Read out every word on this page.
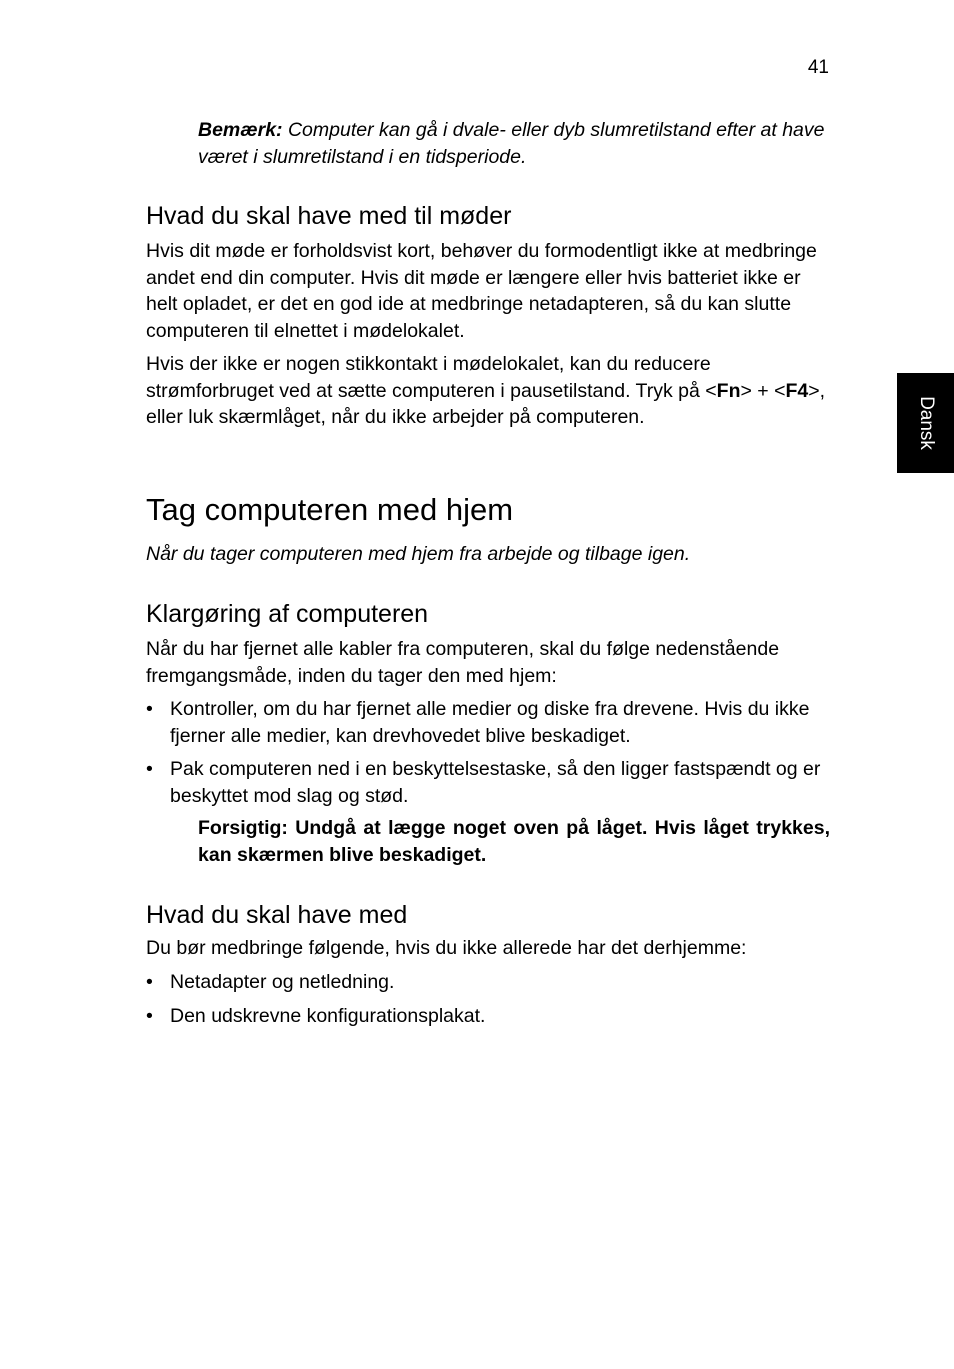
41
Dansk
Bemærk: Computer kan gå i dvale- eller dyb slumretilstand efter at have været i slumretilstand i en tidsperiode.
Hvad du skal have med til møder

Hvis dit møde er forholdsvist kort, behøver du formodentligt ikke at medbringe andet end din computer. Hvis dit møde er længere eller hvis batteriet ikke er helt opladet, er det en god ide at medbringe netadapteren, så du kan slutte computeren til elnettet i mødelokalet.

Hvis der ikke er nogen stikkontakt i mødelokalet, kan du reducere strømforbruget ved at sætte computeren i pausetilstand. Tryk på <Fn> + <F4>, eller luk skærmlåget, når du ikke arbejder på computeren.

Tag computeren med hjem

Når du tager computeren med hjem fra arbejde og tilbage igen.

Klargøring af computeren

Når du har fjernet alle kabler fra computeren, skal du følge nedenstående fremgangsmåde, inden du tager den med hjem:

• Kontroller, om du har fjernet alle medier og diske fra drevene. Hvis du ikke fjerner alle medier, kan drevhovedet blive beskadiget.
• Pak computeren ned i en beskyttelsestaske, så den ligger fastspændt og er beskyttet mod slag og stød.

Forsigtig: Undgå at lægge noget oven på låget. Hvis låget trykkes, kan skærmen blive beskadiget.

Hvad du skal have med

Du bør medbringe følgende, hvis du ikke allerede har det derhjemme:

• Netadapter og netledning.
• Den udskrevne konfigurationsplakat.
